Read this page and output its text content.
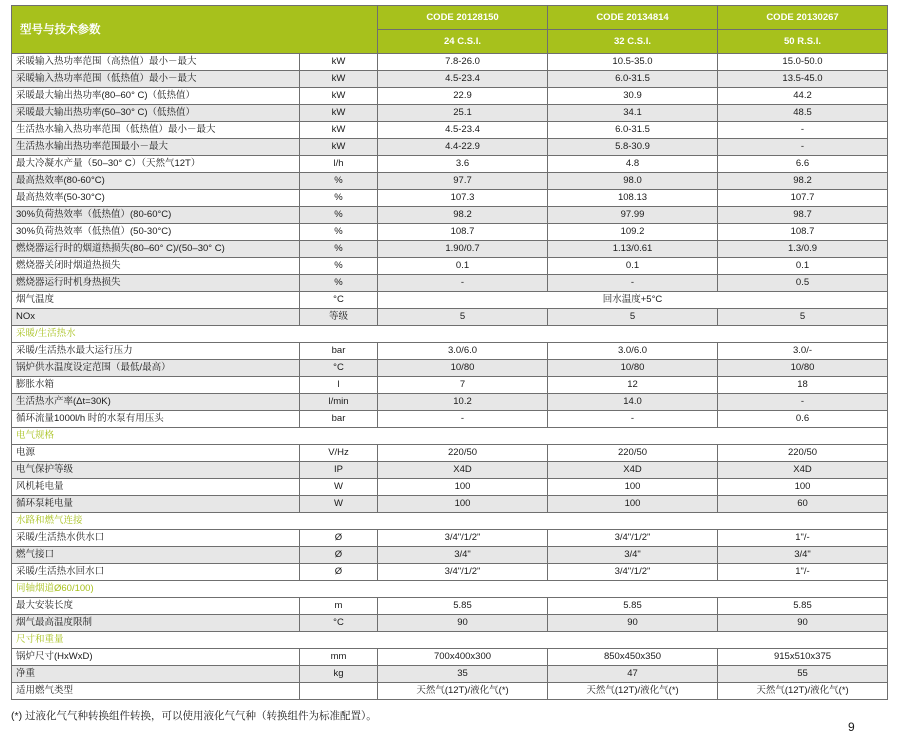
型号与技术参数		CODE 20128150	CODE 20134814	CODE 20130267
		24 C.S.I.	32 C.S.I.	50 R.S.I.
采暖输入热功率范围（高热值）最小－最大	kW	7.8-26.0	10.5-35.0	15.0-50.0
采暖输入热功率范围（低热值）最小－最大	kW	4.5-23.4	6.0-31.5	13.5-45.0
采暖最大输出热功率(80–60° C)（低热值）	kW	22.9	30.9	44.2
采暖最大输出热功率(50–30° C)（低热值）	kW	25.1	34.1	48.5
生活热水输入热功率范围（低热值）最小－最大	kW	4.5-23.4	6.0-31.5	-
生活热水输出热功率范围最小－最大	kW	4.4-22.9	5.8-30.9	-
最大冷凝水产量（50–30° C）（天然气12T）	l/h	3.6	4.8	6.6
最高热效率(80-60°C)	%	97.7	98.0	98.2
最高热效率(50-30°C)	%	107.3	108.13	107.7
30%负荷热效率（低热值）(80-60°C)	%	98.2	97.99	98.7
30%负荷热效率（低热值）(50-30°C)	%	108.7	109.2	108.7
燃烧器运行时的烟道热损失(80–60° C)/(50–30° C)	%	1.90/0.7	1.13/0.61	1.3/0.9
燃烧器关闭时烟道热损失	%	0.1	0.1	0.1
燃烧器运行时机身热损失	%	-	-	0.5
烟气温度	°C	回水温度+5°C		
NOx	等级	5	5	5
采暖/生活热水				
采暖/生活热水最大运行压力	bar	3.0/6.0	3.0/6.0	3.0/-
锅炉供水温度设定范围（最低/最高）	°C	10/80	10/80	10/80
膨胀水箱	l	7	12	18
生活热水产率(Δt=30K)	l/min	10.2	14.0	-
循环流量1000l/h 时的水泵有用压头	bar	-	-	0.6
电气规格				
电源	V/Hz	220/50	220/50	220/50
电气保护等级	IP	X4D	X4D	X4D
风机耗电量	W	100	100	100
循环泵耗电量	W	100	100	60
水路和燃气连接				
采暖/生活热水供水口	Ø	3/4"/1/2"	3/4"/1/2"	1"/-
燃气接口	Ø	3/4"	3/4"	3/4"
采暖/生活热水回水口	Ø	3/4"/1/2"	3/4"/1/2"	1"/-
同轴烟道Ø60/100)				
最大安装长度	m	5.85	5.85	5.85
烟气最高温度限制	°C	90	90	90
尺寸和重量				
锅炉尺寸(HxWxD)	mm	700x400x300	850x450x350	915x510x375
净重	kg	35	47	55
适用燃气类型		天然气(12T)/液化气(*)	天然气(12T)/液化气(*)	天然气(12T)/液化气(*)
(*) 过液化气气种转换组件转换，可以使用液化气气种（转换组件为标准配置）。
9
